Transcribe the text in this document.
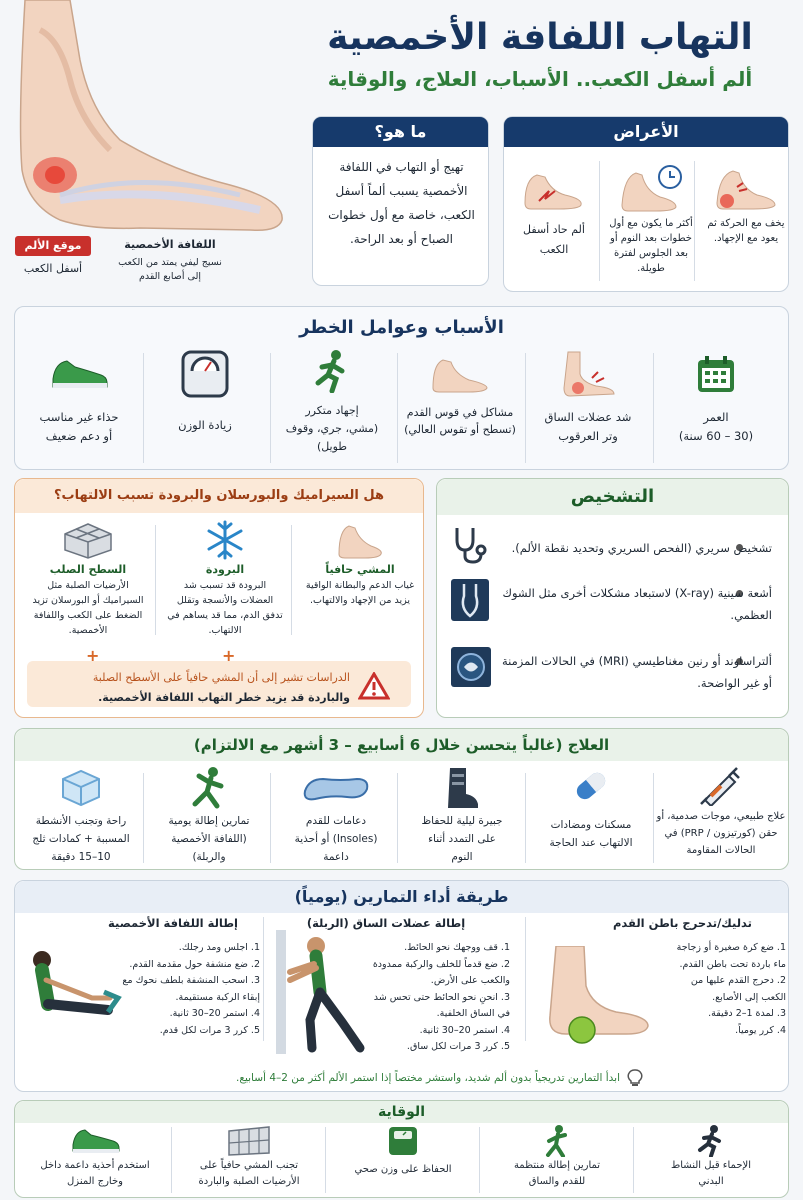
التهاب اللفافة الأخمصية
ألم أسفل الكعب.. الأسباب، العلاج، والوقاية
موقع الألم
أسفل الكعب
اللفافة الأخمصية
نسيج ليفي يمتد من الكعب إلى أصابع القدم
ما هو؟
تهيج أو التهاب في اللفافة الأخمصية يسبب ألماً أسفل الكعب، خاصة مع أول خطوات الصباح أو بعد الراحة.
الأعراض
يخف مع الحركة ثم يعود مع الإجهاد.
أكثر ما يكون مع أول خطوات بعد النوم أو بعد الجلوس لفترة طويلة.
ألم حاد أسفل الكعب
الأسباب وعوامل الخطر
العمر
(30 – 60 سنة)
شد عضلات الساق
وتر العرقوب
مشاكل في قوس القدم
(تسطح أو تقوس العالي)
إجهاد متكرر
(مشي، جري، وقوف طويل)
زيادة الوزن
حذاء غير مناسب
أو دعم ضعيف
هل السيراميك والبورسلان والبرودة تسبب الالتهاب؟
المشي حافياً
غياب الدعم والبطانة الواقية يزيد من الإجهاد والالتهاب.
البرودة
البرودة قد تسبب شد العضلات والأنسجة وتقلل تدفق الدم، مما قد يساهم في الالتهاب.
السطح الصلب
الأرضيات الصلبة مثل السيراميك أو البورسلان تزيد الضغط على الكعب واللفافة الأخمصية.
+
+
الدراسات تشير إلى أن المشي حافياً على الأسطح الصلبة
والباردة قد يزيد خطر التهاب اللفافة الأخمصية.
التشخيص
تشخيص سريري (الفحص السريري وتحديد نقطة الألم).
أشعة سينية (X-ray) لاستبعاد مشكلات أخرى مثل الشوك العظمي.
ألتراساوند أو رنين مغناطيسي (MRI) في الحالات المزمنة أو غير الواضحة.
العلاج (غالباً يتحسن خلال 6 أسابيع – 3 أشهر مع الالتزام)
علاج طبيعي، موجات صدمية، أو حقن (كورتيزون / PRP) في الحالات المقاومة
مسكنات ومضادات الالتهاب عند الحاجة
جبيرة ليلية للحفاظ على التمدد أثناء النوم
دعامات للقدم (Insoles) أو أحذية داعمة
تمارين إطالة يومية (اللفافة الأخمصية والربلة)
راحة وتجنب الأنشطة المسببة + كمادات ثلج 10–15 دقيقة
طريقة أداء التمارين (يومياً)
تدليك/تدحرج باطن القدم
1. ضع كرة صغيرة أو زجاجة ماء باردة تحت باطن القدم.
2. دحرج القدم عليها من الكعب إلى الأصابع.
3. لمدة 1–2 دقيقة.
4. كرر يومياً.
إطالة عضلات الساق (الربلة)
1. قف ووجهك نحو الحائط.
2. ضع قدماً للخلف والركبة ممدودة والكعب على الأرض.
3. انحنِ نحو الحائط حتى تحس شد في الساق الخلفية.
4. استمر 20–30 ثانية.
5. كرر 3 مرات لكل ساق.
إطالة اللفافة الأخمصية
1. اجلس ومد رجلك.
2. ضع منشفة حول مقدمة القدم.
3. اسحب المنشفة بلطف نحوك مع إبقاء الركبة مستقيمة.
4. استمر 20–30 ثانية.
5. كرر 3 مرات لكل قدم.
ابدأ التمارين تدريجياً بدون ألم شديد، واستشر مختصاً إذا استمر الألم أكثر من 2–4 أسابيع.
الوقاية
الإحماء قبل النشاط البدني
تمارين إطالة منتظمة للقدم والساق
الحفاظ على وزن صحي
تجنب المشي حافياً على الأرضيات الصلبة والباردة
استخدم أحذية داعمة داخل وخارج المنزل
